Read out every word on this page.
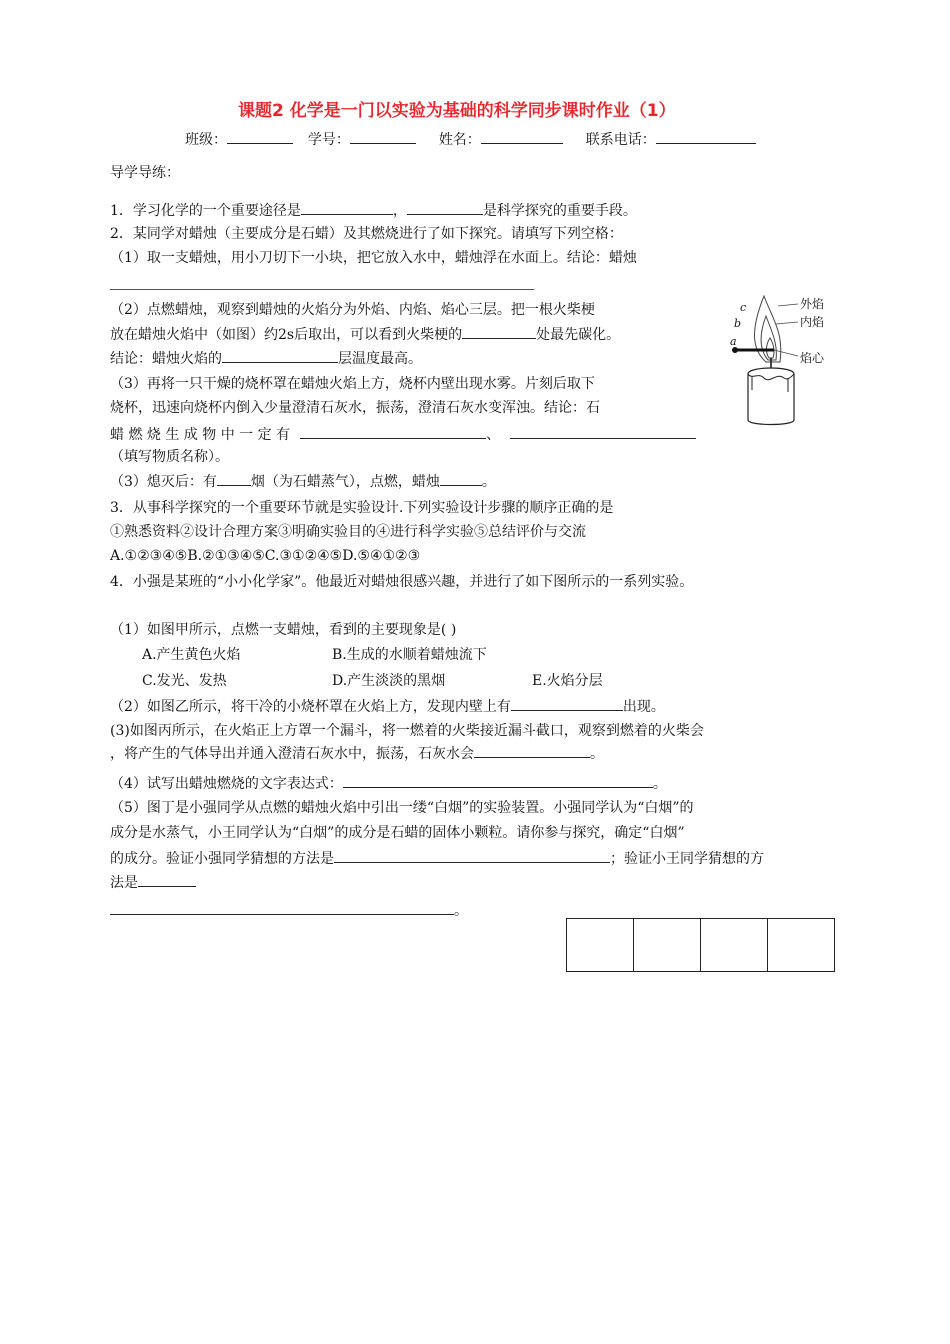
课题2 化学是一门以实验为基础的科学同步课时作业（1）
班级：	学号：	姓名：	联系电话：
导学导练：
1．学习化学的一个重要途径是	，	是科学探究的重要手段。
2．某同学对蜡烛（主要成分是石蜡）及其燃烧进行了如下探究。请填写下列空格：
（1）取一支蜡烛，用小刀切下一小块，把它放入水中，蜡烛浮在水面上。结论：蜡烛
（2）点燃蜡烛，观察到蜡烛的火焰分为外焰、内焰、焰心三层。把一根火柴梗
放在蜡烛火焰中（如图）约2s后取出，可以看到火柴梗的	处最先碳化。
结论：蜡烛火焰的	层温度最高。
（3）再将一只干燥的烧杯罩在蜡烛火焰上方，烧杯内壁出现水雾。片刻后取下
烧杯，迅速向烧杯内倒入少量澄清石灰水，振荡，澄清石灰水变浑浊。结论：石
蜡 燃 烧 生 成 物 中 一 定 有	、
（填写物质名称）。
（3）熄灭后：有 烟（为石蜡蒸气），点燃，蜡烛	。
c
b
a
外焰
内焰
焰心
3．从事科学探究的一个重要环节就是实验设计.下列实验设计步骤的顺序正确的是
①熟悉资料②设计合理方案③明确实验目的④进行科学实验⑤总结评价与交流
A.①②③④⑤B.②①③④⑤C.③①②④⑤D.⑤④①②③
4．小强是某班的“小小化学家”。他最近对蜡烛很感兴趣，并进行了如下图所示的一系列实验。
（1）如图甲所示，点燃一支蜡烛，看到的主要现象是( )
A.产生黄色火焰	B.生成的水顺着蜡烛流下
C.发光、发热	D.产生淡淡的黑烟	E.火焰分层
（2）如图乙所示，将干冷的小烧杯罩在火焰上方，发现内壁上有	出现。
(3)如图丙所示，在火焰正上方罩一个漏斗，将一燃着的火柴接近漏斗截口，观察到燃着的火柴会
，将产生的气体导出并通入澄清石灰水中，振荡，石灰水会	。
（4）试写出蜡烛燃烧的文字表达式：	。
（5）图丁是小强同学从点燃的蜡烛火焰中引出一缕“白烟”的实验装置。小强同学认为“白烟”的
成分是水蒸气，小王同学认为“白烟”的成分是石蜡的固体小颗粒。请你参与探究，确定“白烟”
的成分。验证小强同学猜想的方法是	；验证小王同学猜想的方
法是
。
